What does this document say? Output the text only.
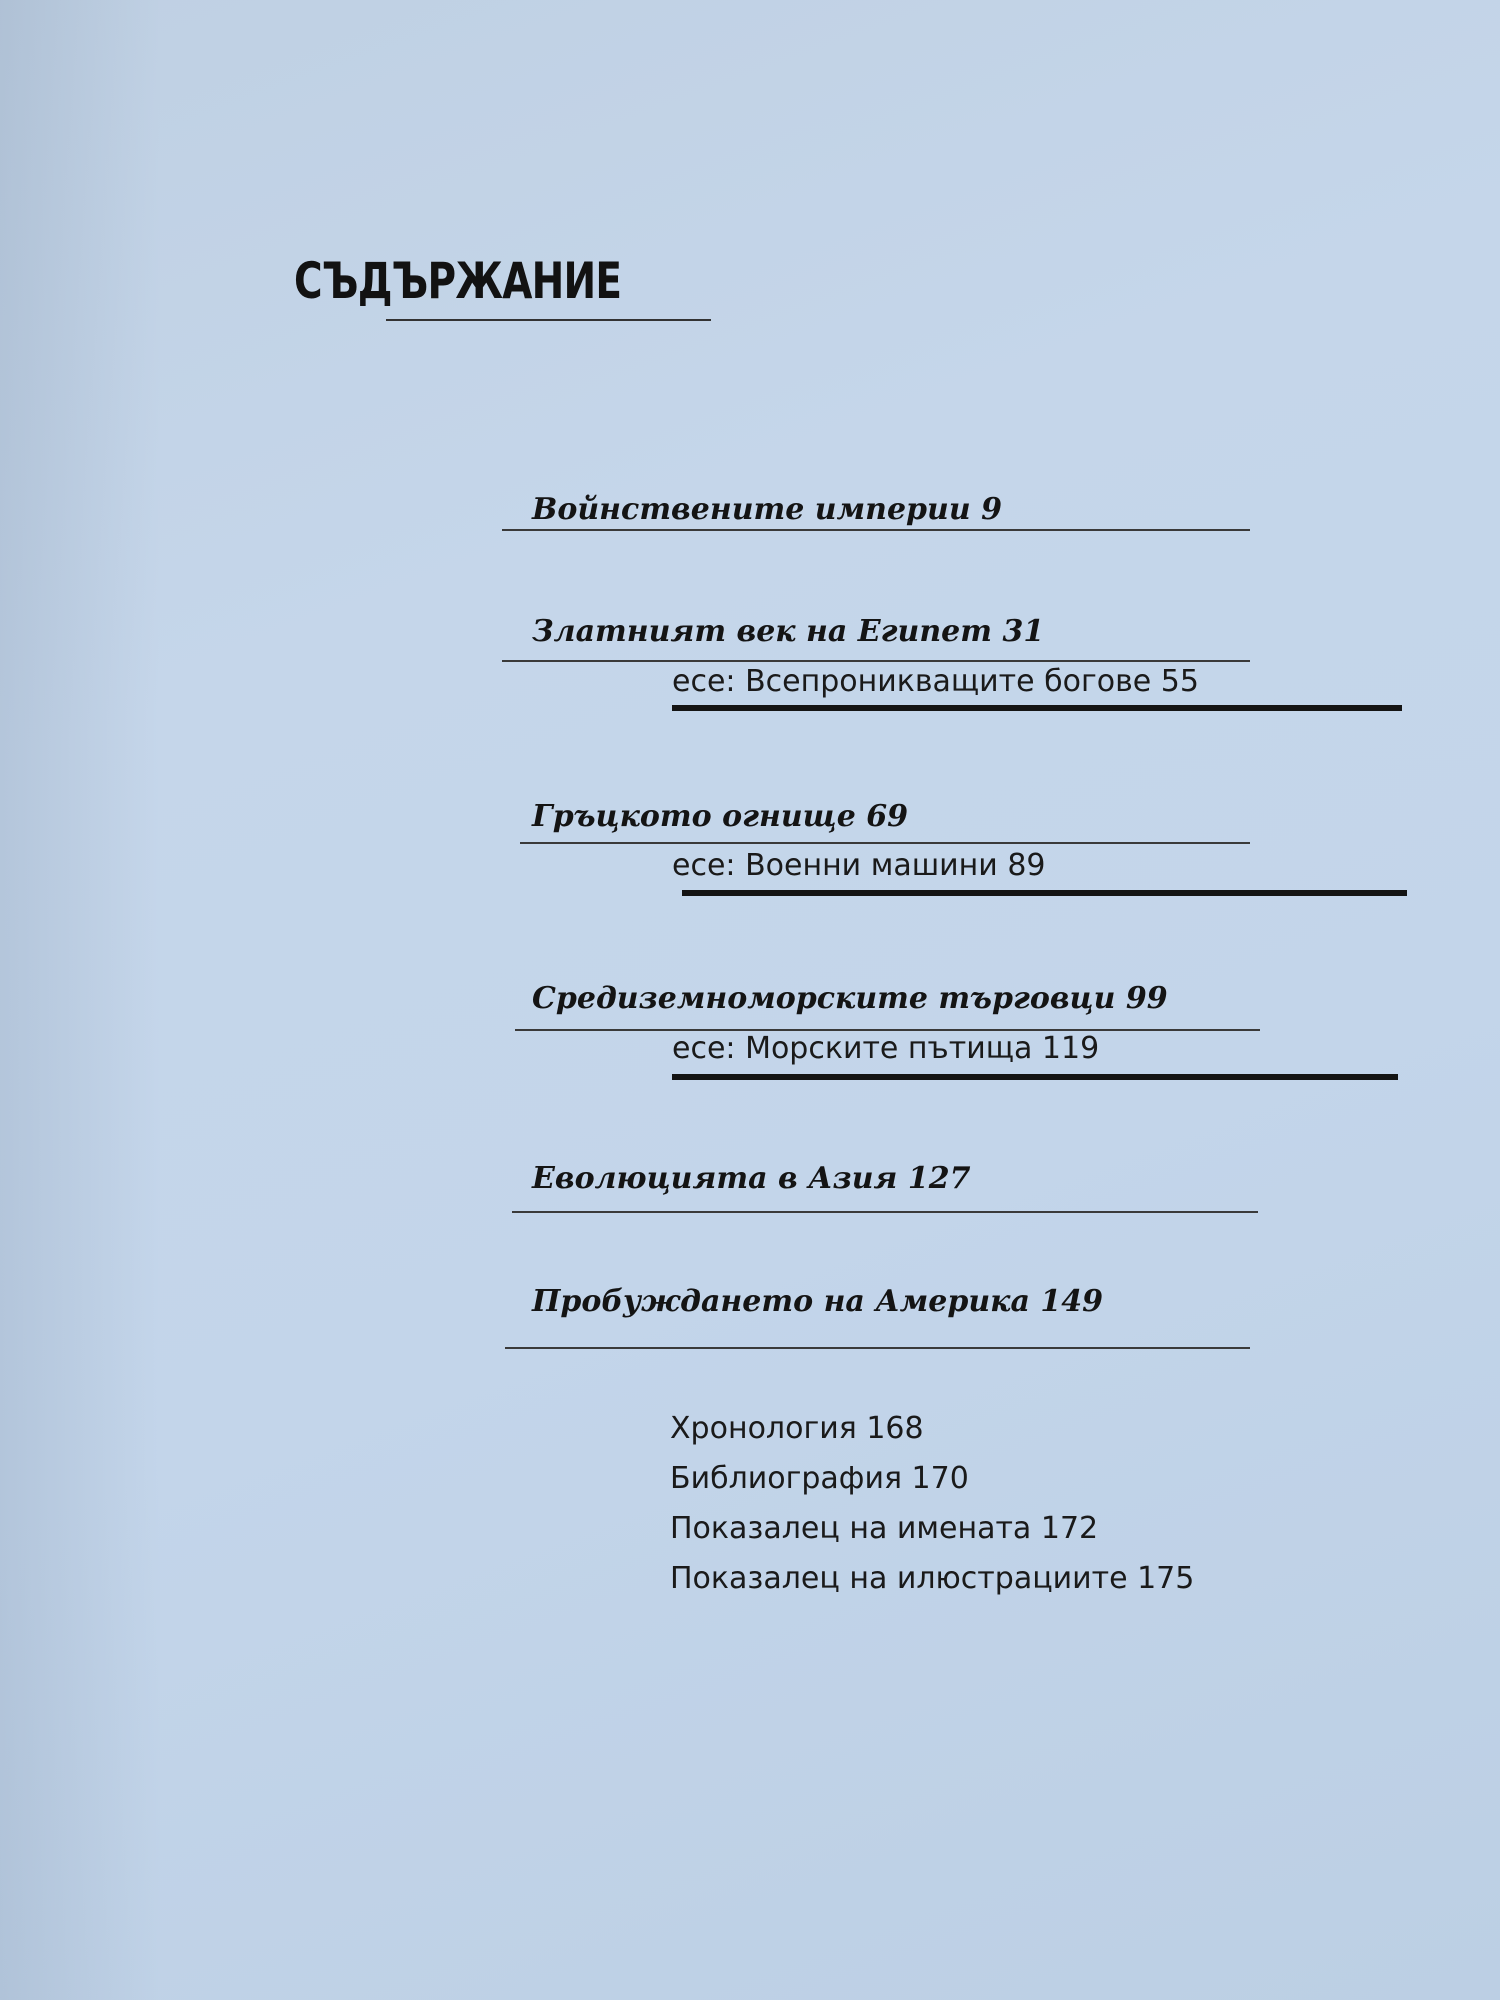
СЪДЪРЖАНИЕ
Войнствените империи 9
Златният век на Египет 31
есе: Всепроникващите богове 55
Гръцкото огнище 69
есе: Военни машини 89
Средиземноморските търговци 99
есе: Морските пътища 119
Еволюцията в Азия 127
Пробуждането на Америка 149
Хронология 168
Библиография 170
Показалец на имената 172
Показалец на илюстрациите 175
